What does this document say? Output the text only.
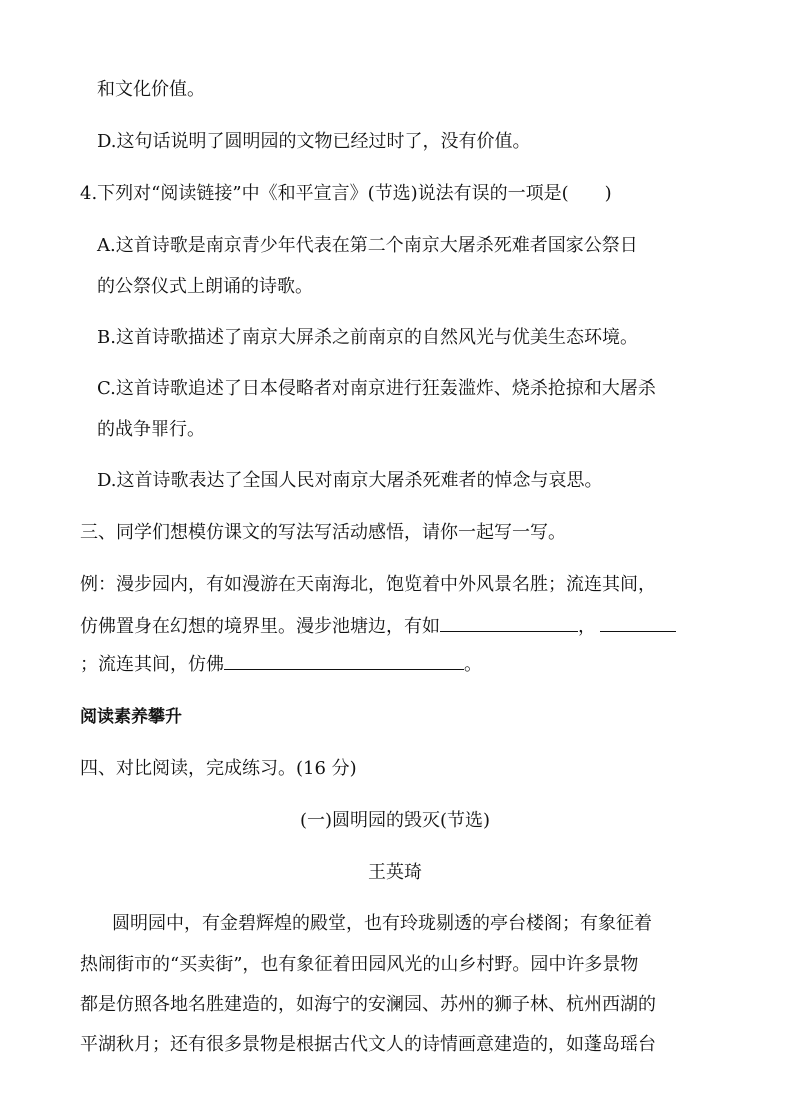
和文化价值。
D.这句话说明了圆明园的文物已经过时了，没有价值。
4.下列对“阅读链接”中《和平宣言》(节选)说法有误的一项是(　　)
A.这首诗歌是南京青少年代表在第二个南京大屠杀死难者国家公祭日
的公祭仪式上朗诵的诗歌。
B.这首诗歌描述了南京大屏杀之前南京的自然风光与优美生态环境。
C.这首诗歌追述了日本侵略者对南京进行狂轰滥炸、烧杀抢掠和大屠杀
的战争罪行。
D.这首诗歌表达了全国人民对南京大屠杀死难者的悼念与哀思。
三、同学们想模仿课文的写法写活动感悟，请你一起写一写。
例：漫步园内，有如漫游在天南海北，饱览着中外风景名胜；流连其间，
仿佛置身在幻想的境界里。漫步池塘边，有如	，
；流连其间，仿佛	。
阅读素养攀升
四、对比阅读，完成练习。(16 分)
(一)圆明园的毁灭(节选)
王英琦
圆明园中，有金碧辉煌的殿堂，也有玲珑剔透的亭台楼阁；有象征着
热闹街市的“买卖街”，也有象征着田园风光的山乡村野。园中许多景物
都是仿照各地名胜建造的，如海宁的安澜园、苏州的狮子林、杭州西湖的
平湖秋月；还有很多景物是根据古代文人的诗情画意建造的，如蓬岛瑶台
